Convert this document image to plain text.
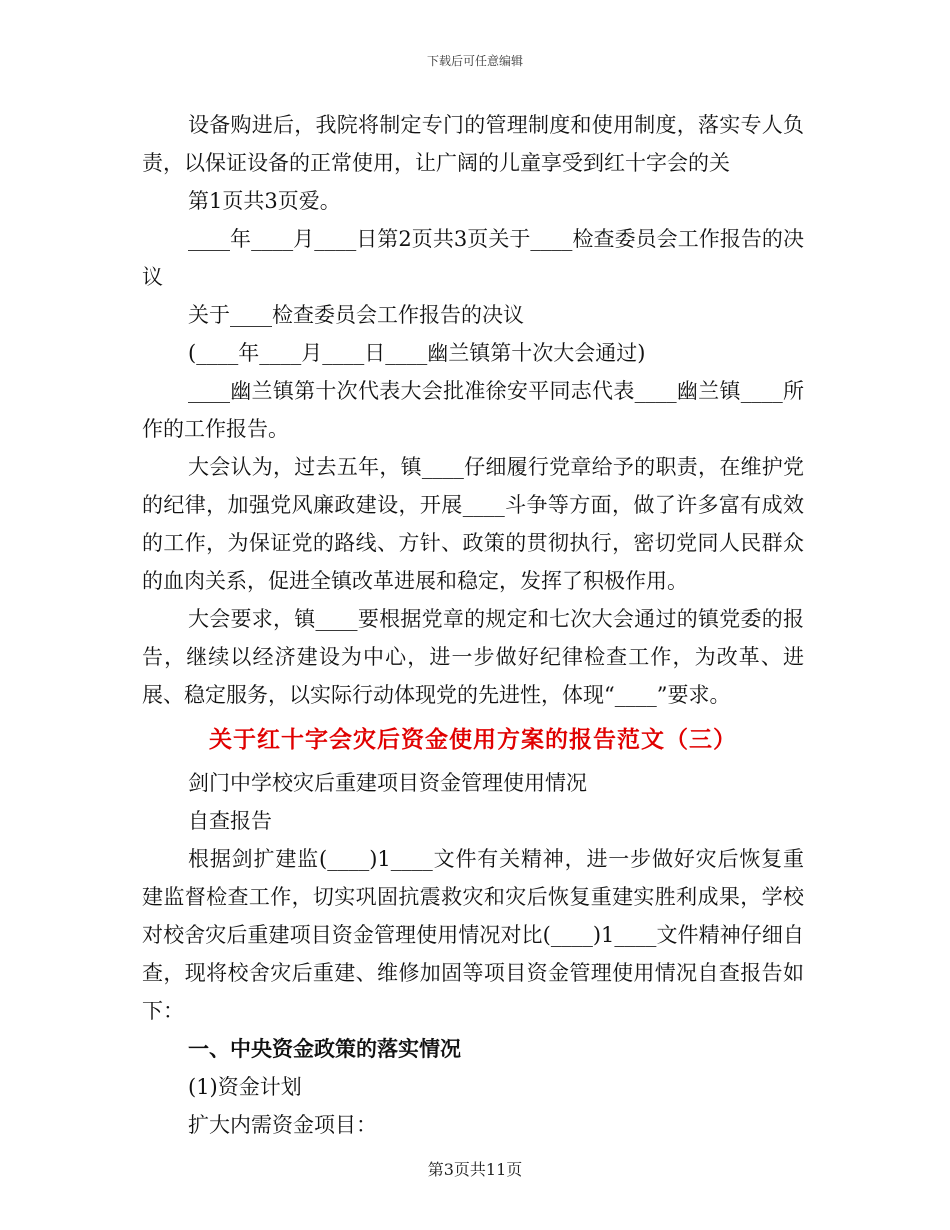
下载后可任意编辑

设备购进后，我院将制定专门的管理制度和使用制度，落实专人负责，以保证设备的正常使用，让广阔的儿童享受到红十字会的关

第1页共3页爱。

____年____月____日第2页共3页关于____检查委员会工作报告的决议

关于____检查委员会工作报告的决议

(____年____月____日____幽兰镇第十次大会通过)

____幽兰镇第十次代表大会批准徐安平同志代表____幽兰镇____所作的工作报告。

大会认为，过去五年，镇____仔细履行党章给予的职责，在维护党的纪律，加强党风廉政建设，开展____斗争等方面，做了许多富有成效的工作，为保证党的路线、方针、政策的贯彻执行，密切党同人民群众的血肉关系，促进全镇改革进展和稳定，发挥了积极作用。

大会要求，镇____要根据党章的规定和七次大会通过的镇党委的报告，继续以经济建设为中心，进一步做好纪律检查工作，为改革、进展、稳定服务，以实际行动体现党的先进性，体现“____”要求。

关于红十字会灾后资金使用方案的报告范文（三）

剑门中学校灾后重建项目资金管理使用情况

自查报告

根据剑扩建监(____)1____文件有关精神，进一步做好灾后恢复重建监督检查工作，切实巩固抗震救灾和灾后恢复重建实胜利成果，学校对校舍灾后重建项目资金管理使用情况对比(____)1____文件精神仔细自查，现将校舍灾后重建、维修加固等项目资金管理使用情况自查报告如下：

一、中央资金政策的落实情况

(1)资金计划

扩大内需资金项目：

第3页共11页
